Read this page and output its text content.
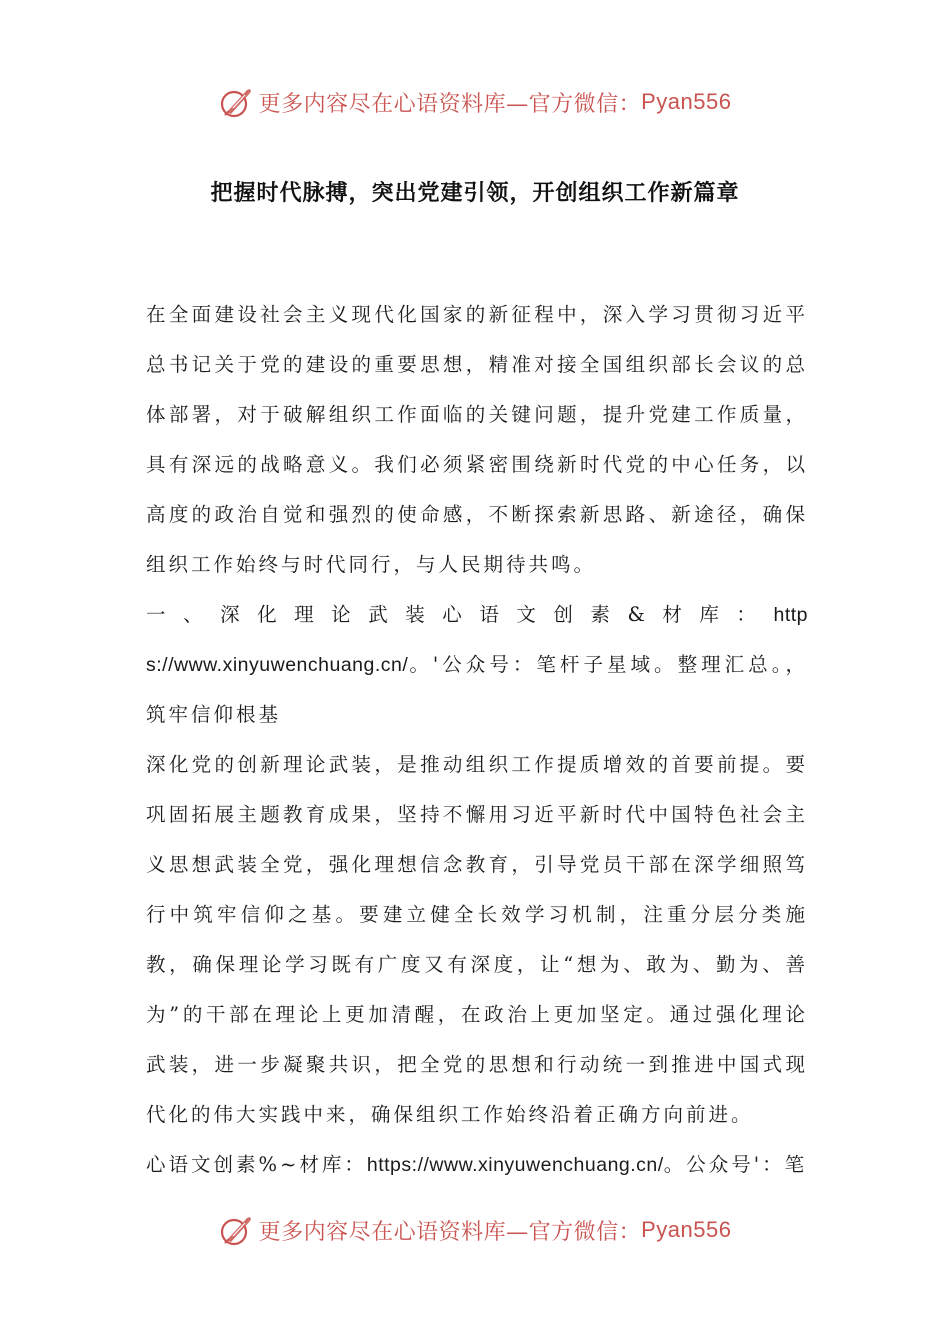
更多内容尽在心语资料库—官方微信： Pyan556
把握时代脉搏，突出党建引领，开创组织工作新篇章

在全面建设社会主义现代化国家的新征程中，深入学习贯彻习近平总书记关于党的建设的重要思想，精准对接全国组织部长会议的总体部署，对于破解组织工作面临的关键问题，提升党建工作质量，具有深远的战略意义。我们必须紧密围绕新时代党的中心任务，以高度的政治自觉和强烈的使命感，不断探索新思路、新途径，确保组织工作始终与时代同行，与人民期待共鸣。

一、深化理论武装心语文创素&材库：https://www.xinyuwenchuang.cn/。'公众号：笔杆子星域。整理汇总。，筑牢信仰根基

深化党的创新理论武装，是推动组织工作提质增效的首要前提。要巩固拓展主题教育成果，坚持不懈用习近平新时代中国特色社会主义思想武装全党，强化理想信念教育，引导党员干部在深学细照笃行中筑牢信仰之基。要建立健全长效学习机制，注重分层分类施教，确保理论学习既有广度又有深度，让“想为、敢为、勤为、善为”的干部在理论上更加清醒，在政治上更加坚定。通过强化理论武装，进一步凝聚共识，把全党的思想和行动统一到推进中国式现代化的伟大实践中来，确保组织工作始终沿着正确方向前进。

心语文创素%~材库：https://www.xinyuwenchuang.cn/。公众号'：笔

更多内容尽在心语资料库—官方微信： Pyan556
